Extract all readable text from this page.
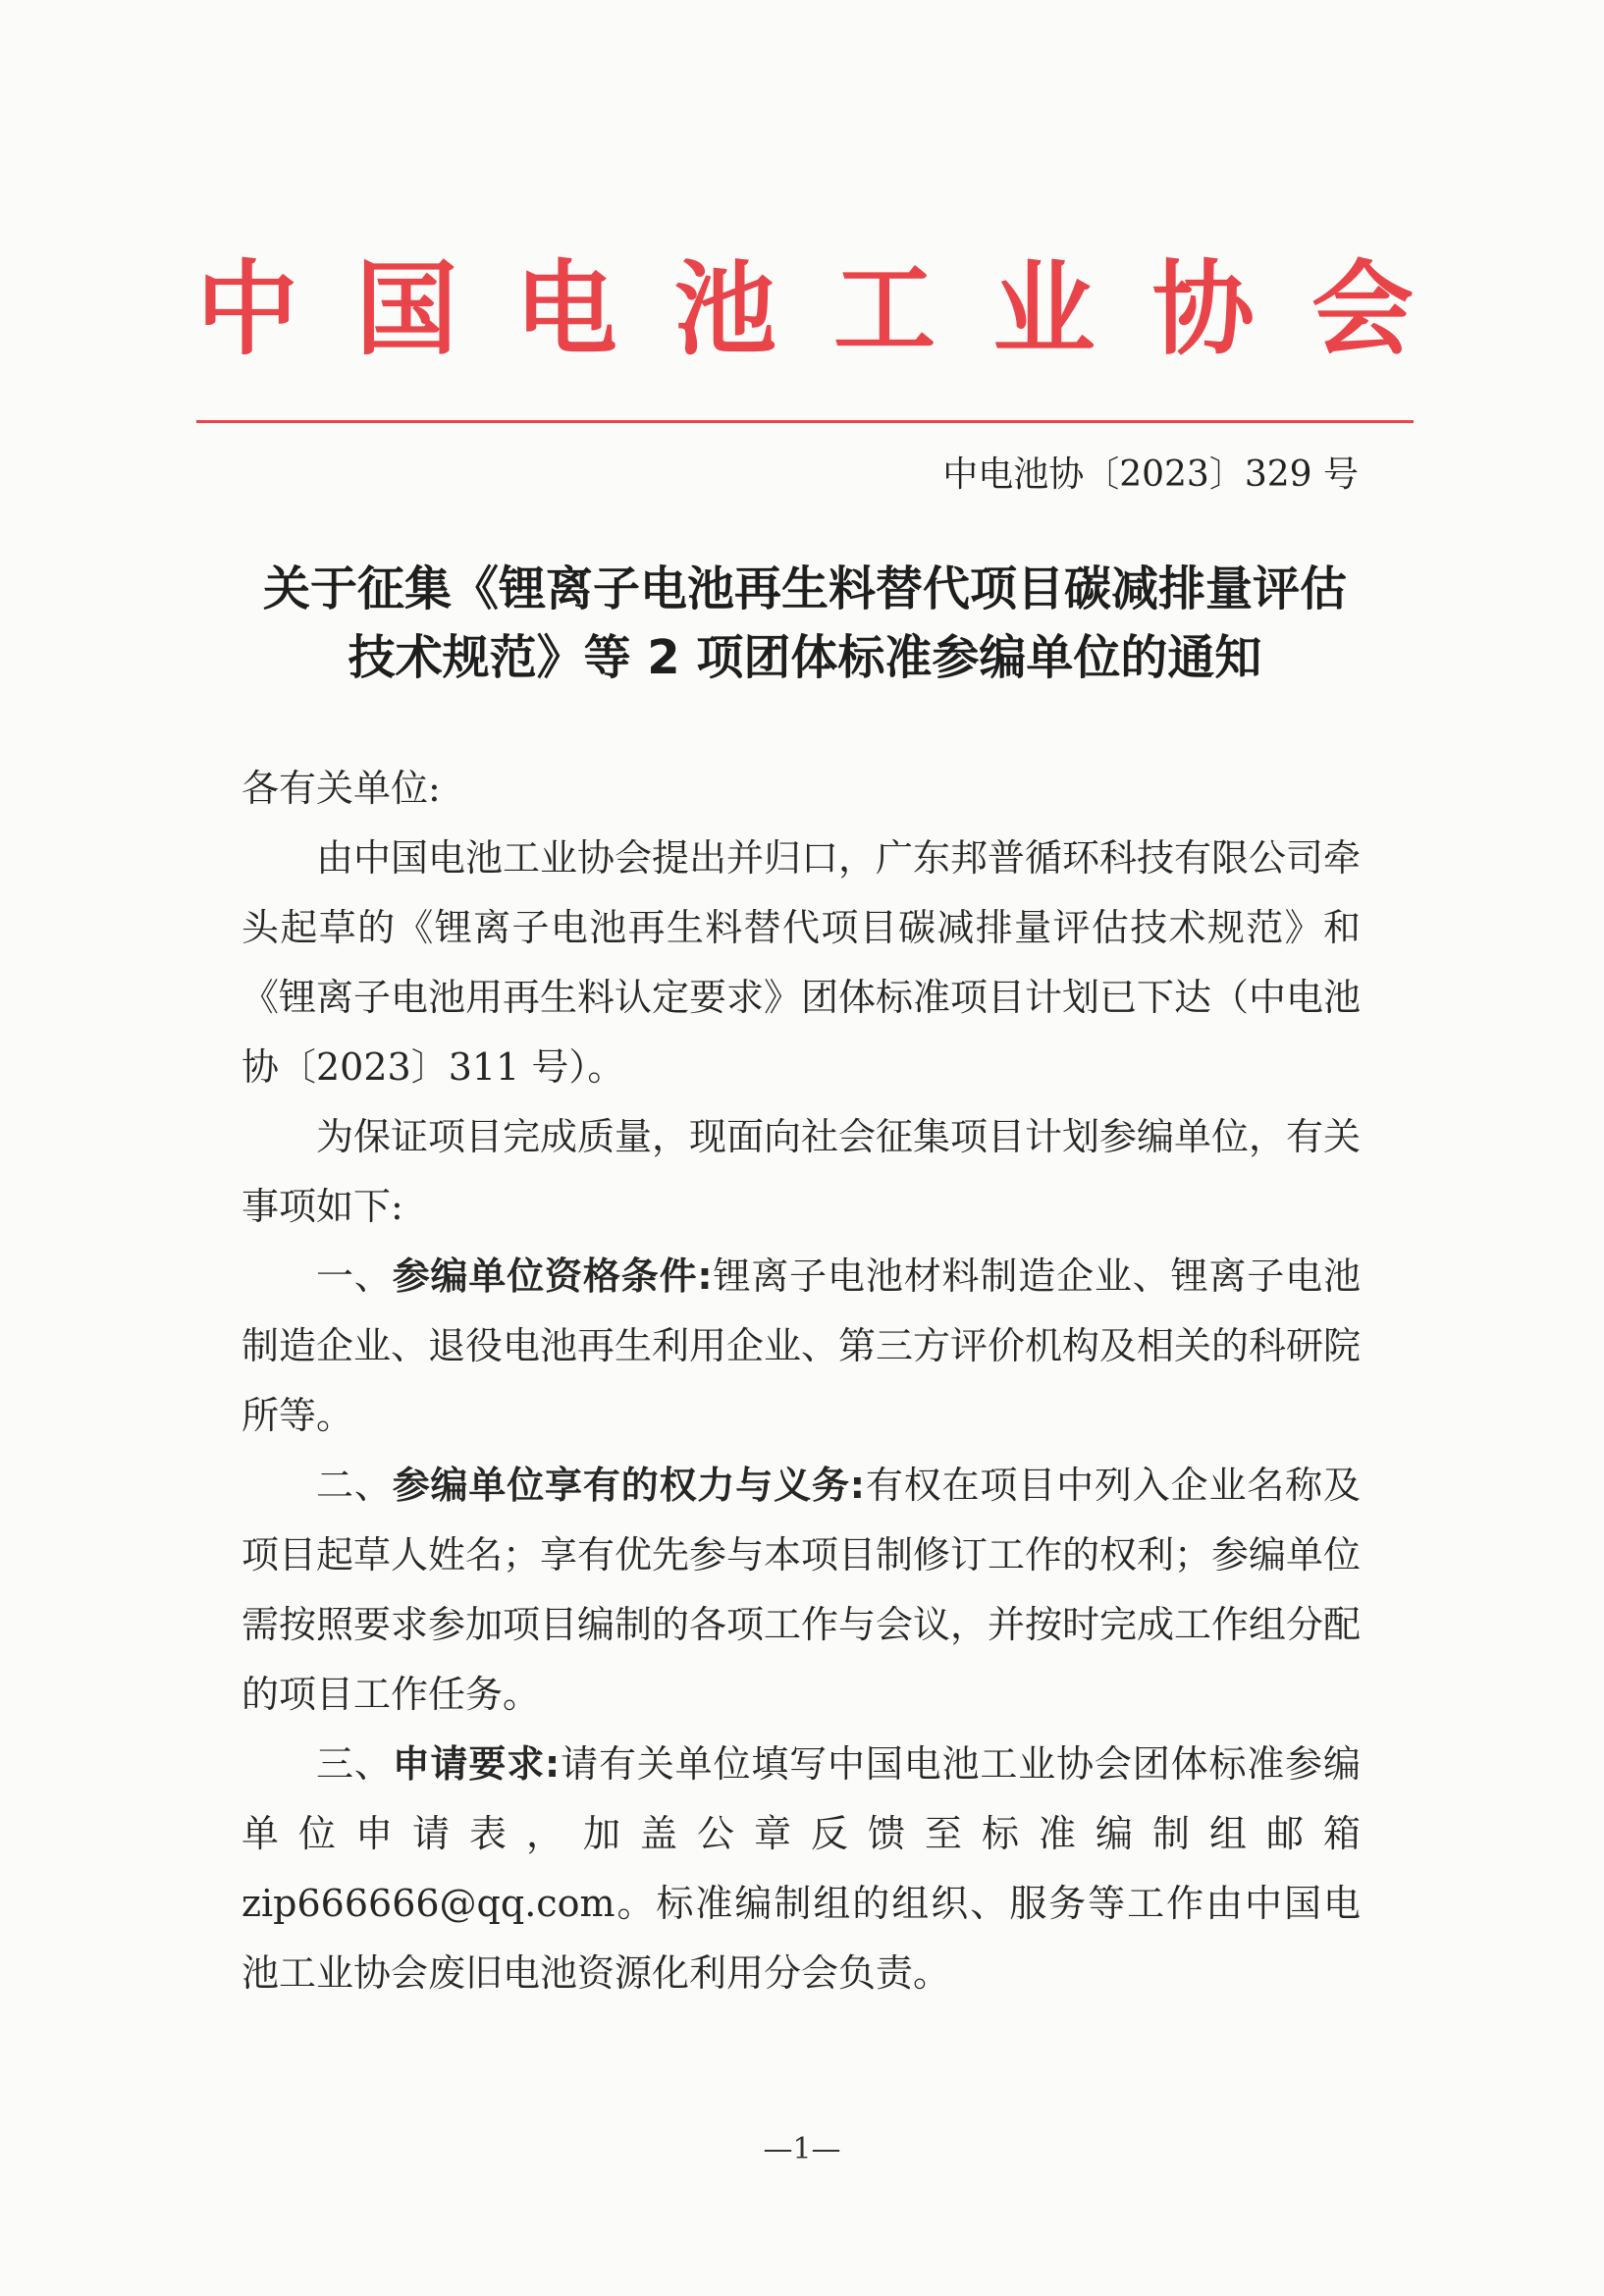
中 国 电 池 工 业 协 会
中电池协〔2023〕329 号
关于征集《锂离子电池再生料替代项目碳减排量评估
技术规范》等 2 项团体标准参编单位的通知

各有关单位:

由中国电池工业协会提出并归口，广东邦普循环科技有限公司牵头起草的《锂离子电池再生料替代项目碳减排量评估技术规范》和《锂离子电池用再生料认定要求》团体标准项目计划已下达（中电池协〔2023〕311 号）。

为保证项目完成质量，现面向社会征集项目计划参编单位，有关事项如下:

一、参编单位资格条件:锂离子电池材料制造企业、锂离子电池制造企业、退役电池再生利用企业、第三方评价机构及相关的科研院所等。

二、参编单位享有的权力与义务:有权在项目中列入企业名称及项目起草人姓名；享有优先参与本项目制修订工作的权利；参编单位需按照要求参加项目编制的各项工作与会议，并按时完成工作组分配的项目工作任务。

三、申请要求:请有关单位填写中国电池工业协会团体标准参编单位申请表，加盖公章反馈至标准编制组邮箱 zip666666@qq.com。标准编制组的组织、服务等工作由中国电池工业协会废旧电池资源化利用分会负责。

—1—
